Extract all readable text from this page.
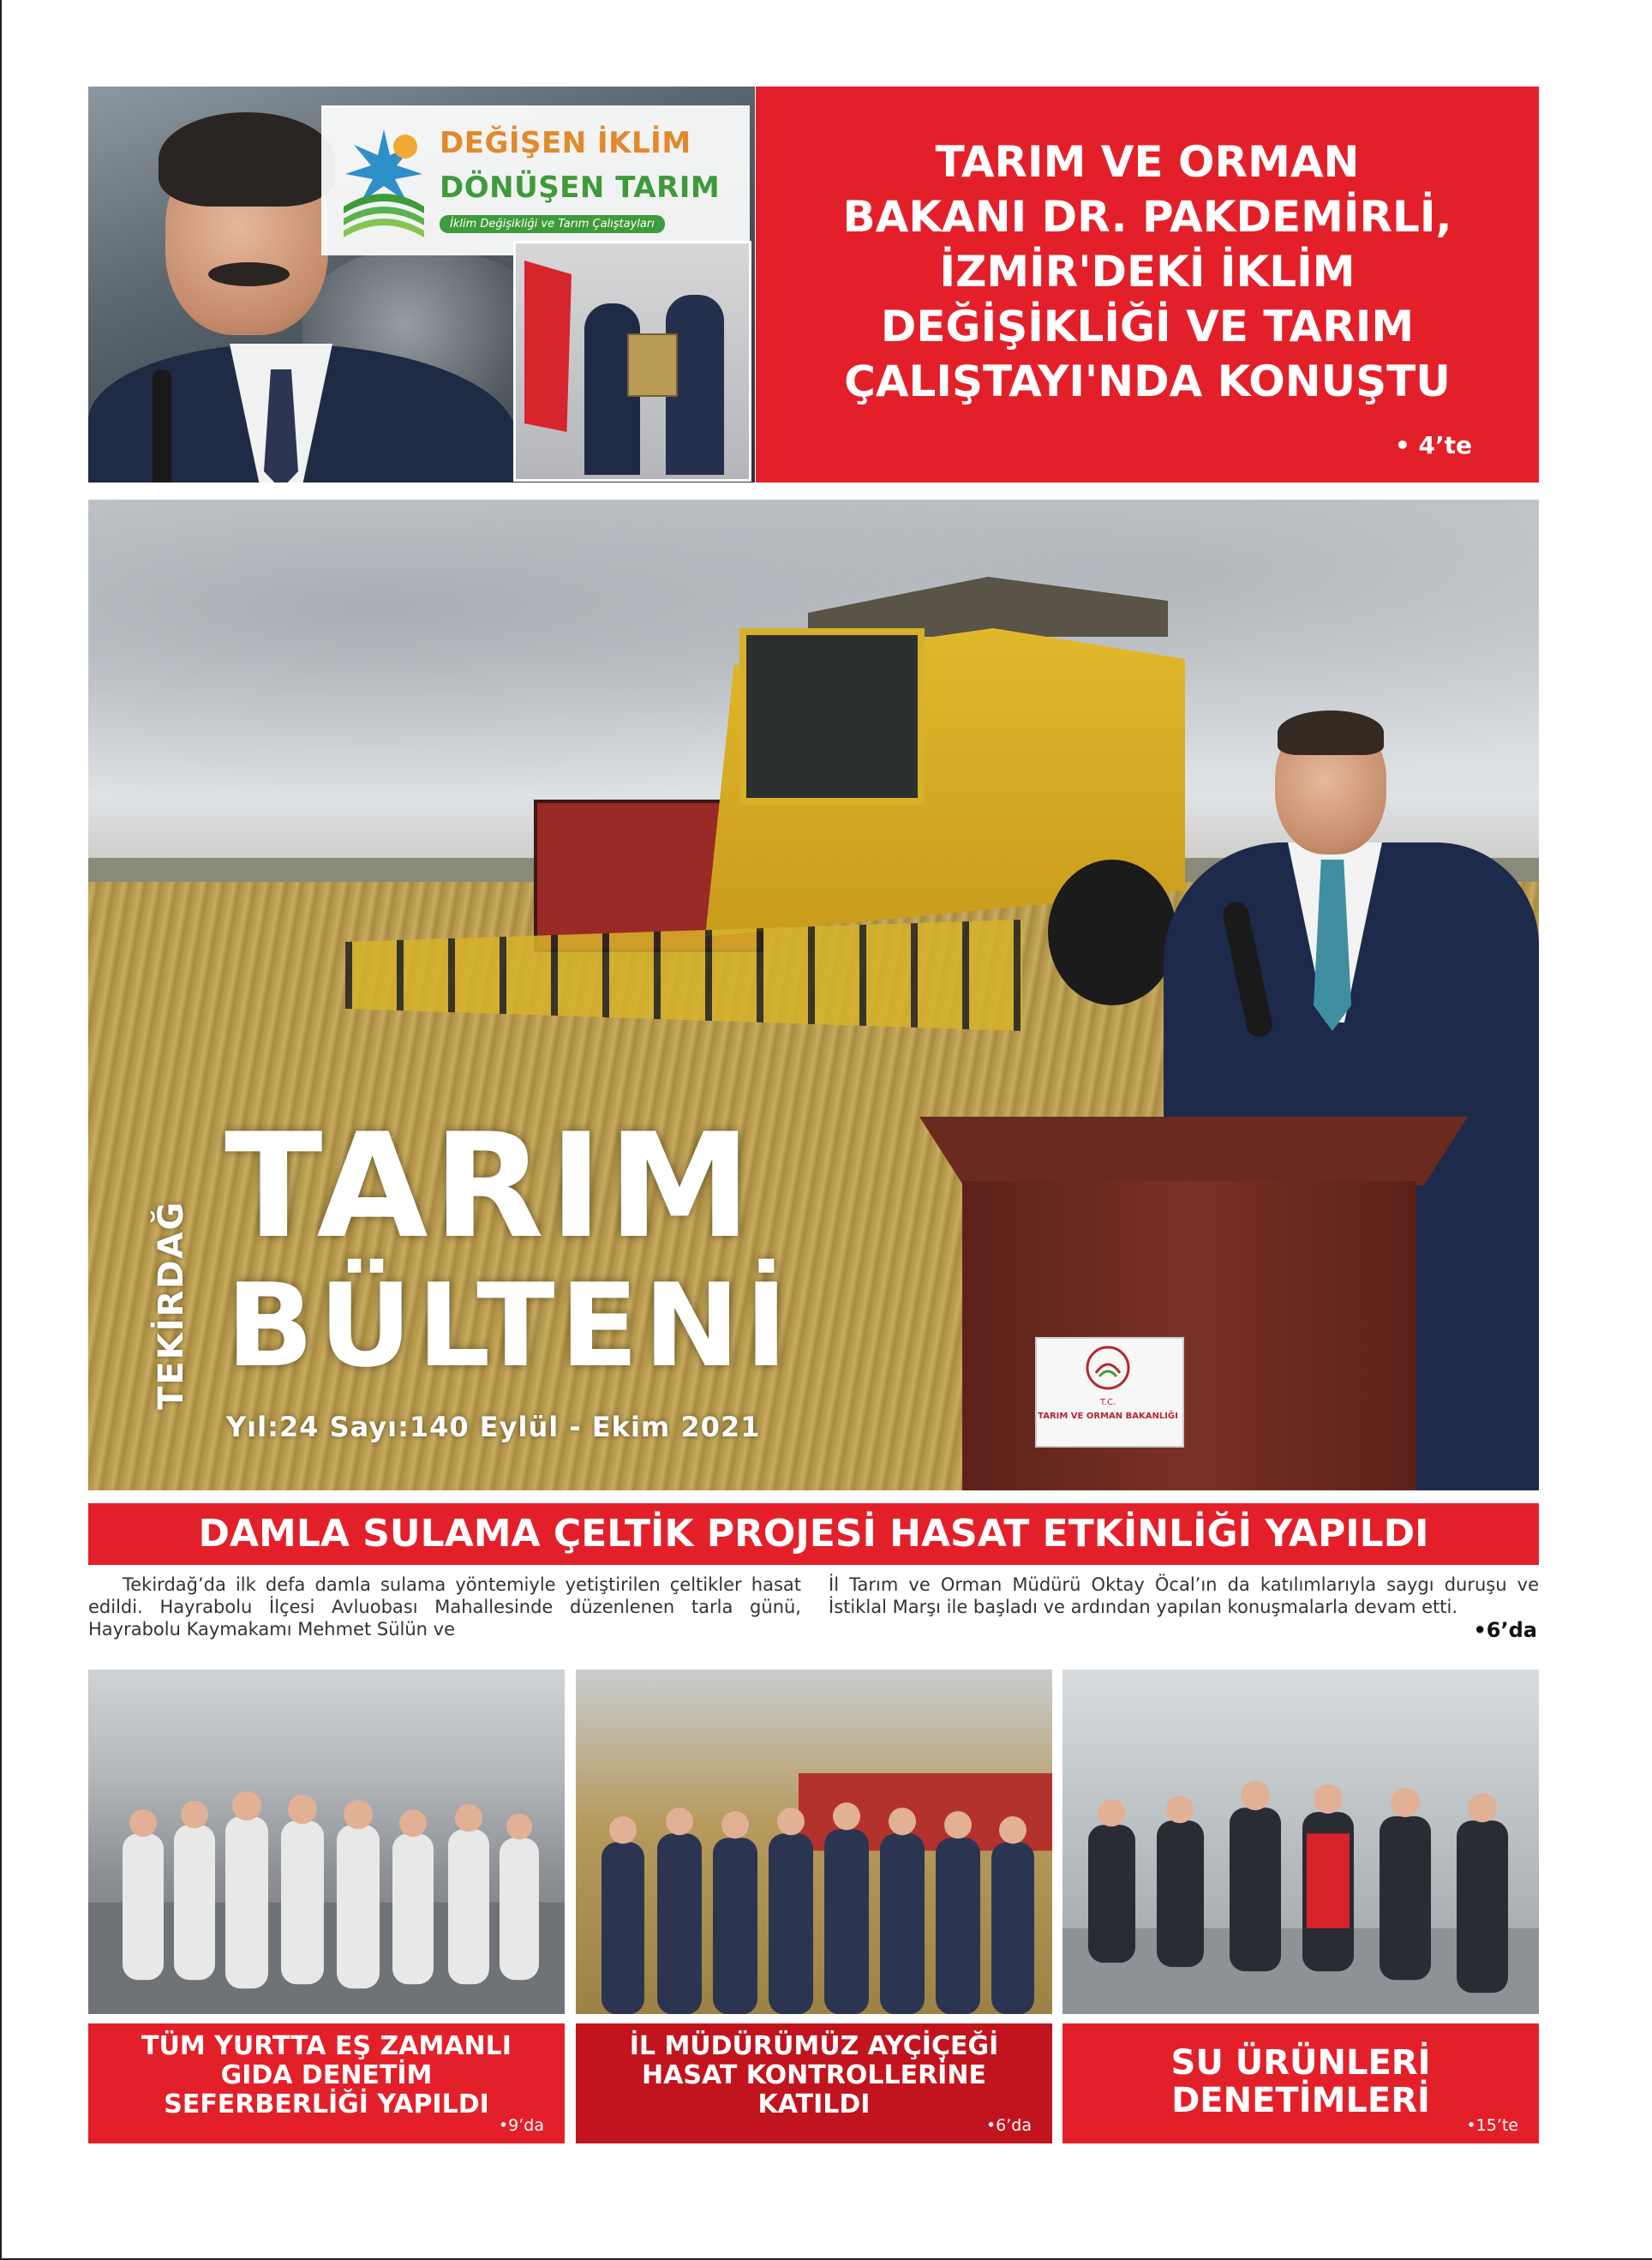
DEĞİŞEN İKLİM
DÖNÜŞEN TARIM
İklim Değişikliği ve Tarım Çalıştayları
TARIM VE ORMAN
BAKANI DR. PAKDEMİRLİ,
İZMİR'DEKİ İKLİM
DEĞİŞİKLİĞİ VE TARIM
ÇALIŞTAYI'NDA KONUŞTU
• 4’te
T.C.
TARIM VE ORMAN BAKANLIĞI
TEKİRDAĞ
TARIM
BÜLTENİ
Yıl:24 Sayı:140 Eylül - Ekim 2021
DAMLA SULAMA ÇELTİK PROJESİ HASAT ETKİNLİĞİ YAPILDI
Tekirdağ’da ilk defa damla sulama yöntemiyle yetiştirilen çeltikler hasat edildi. Hayrabolu İlçesi Avluobası Mahallesinde düzenlenen tarla günü, Hayrabolu Kaymakamı Mehmet Sülün ve
İl Tarım ve Orman Müdürü Oktay Öcal’ın da katılımlarıyla saygı duruşu ve İstiklal Marşı ile başladı ve ardından yapılan konuşmalarla devam etti.
•6’da
TÜM YURTTA EŞ ZAMANLI
GIDA DENETİM
SEFERBERLİĞİ YAPILDI
•9’da
İL MÜDÜRÜMÜZ AYÇİÇEĞİ
HASAT KONTROLLERİNE
KATILDI
•6’da
SU ÜRÜNLERİ
DENETİMLERİ
•15’te
